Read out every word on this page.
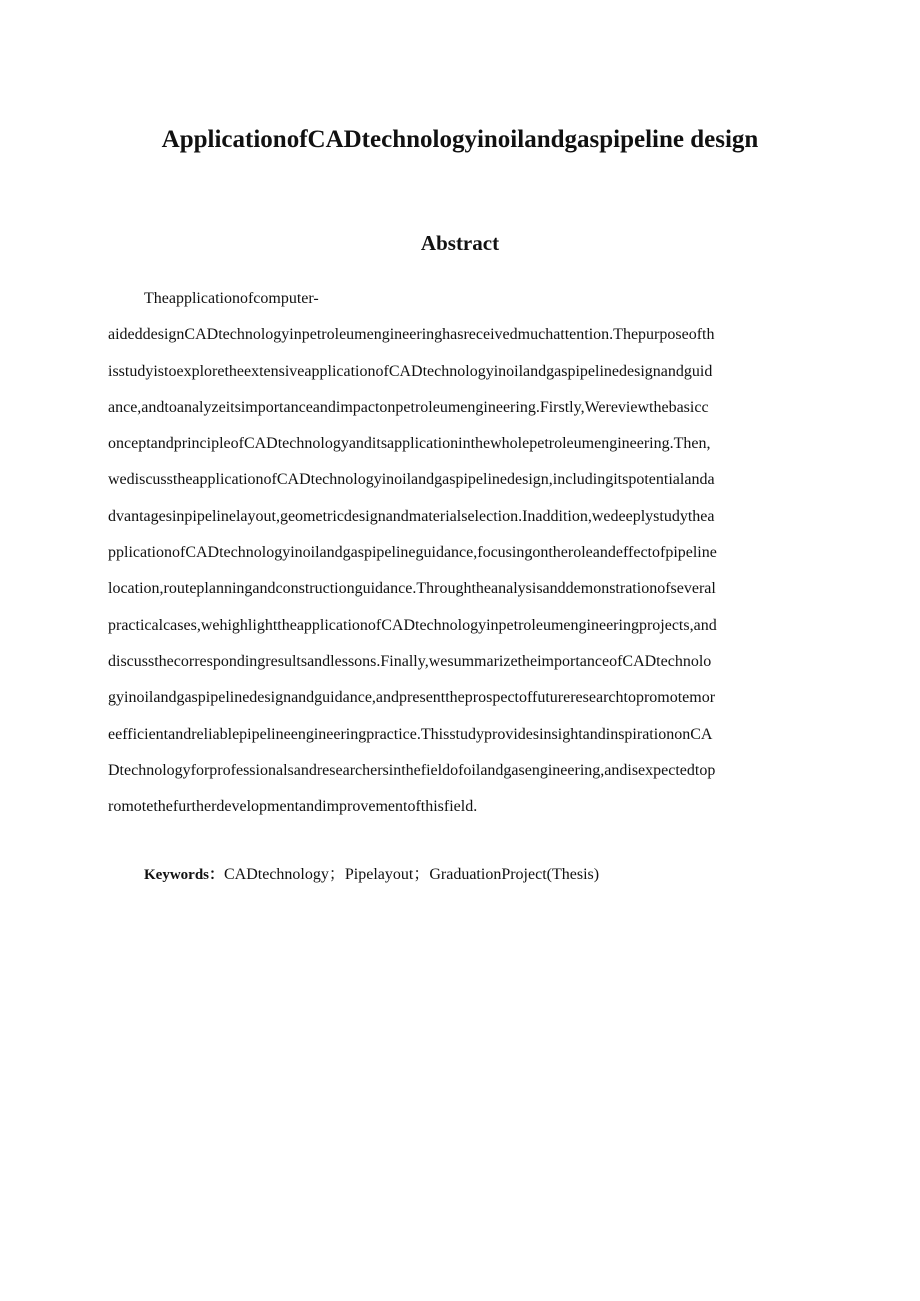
ApplicationofCADtechnologyinoilandgaspipeline design
Abstract
Theapplicationofcomputer-
aideddesignCADtechnologyinpetroleumengineeringhasreceivedmuchattention.Thepurposeofth
isstudyistoexploretheextensiveapplicationofCADtechnologyinoilandgaspipelinedesignandguid
ance,andtoanalyzeitsimportanceandimpactonpetroleumengineering.Firstly,Wereviewthebasicc
onceptandprincipleofCADtechnologyanditsapplicationinthewholepetroleumengineering.Then,
wediscusstheapplicationofCADtechnologyinoilandgaspipelinedesign,includingitspotentialanda
dvantagesinpipelinelayout,geometricdesignandmaterialselection.Inaddition,wedeeplystudythea
pplicationofCADtechnologyinoilandgaspipelineguidance,focusingontheroleandeffectofpipeline
location,routeplanningandconstructionguidance.Throughtheanalysisanddemonstrationofseveral
practicalcases,wehighlighttheapplicationofCADtechnologyinpetroleumengineeringprojects,and
discussthecorrespondingresultsandlessons.Finally,wesummarizetheimportanceofCADtechnolo
gyinoilandgaspipelinedesignandguidance,andpresenttheprospectoffutureresearchtopromotemor
eefficientandreliablepipelineengineeringpractice.ThisstudyprovidesinsightandinspirationonCA
Dtechnologyforprofessionalsandresearchersinthefieldofoilandgasengineering,andisexpectedtop
romotethefurtherdevelopmentandimprovementofthisfield.
Keywords：CADtechnology；Pipelayout；GraduationProject(Thesis)
